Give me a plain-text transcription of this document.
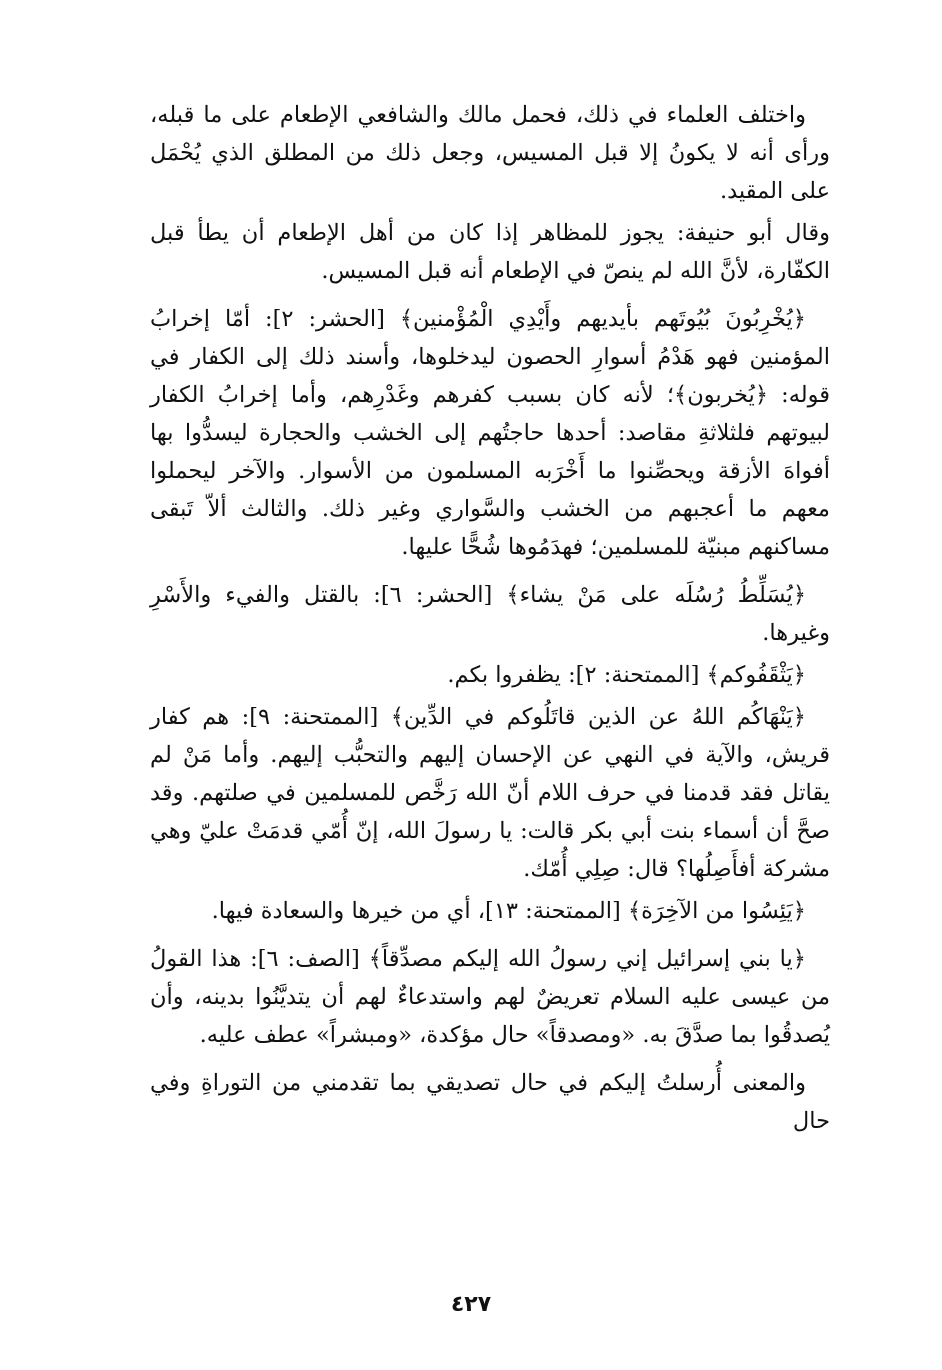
واختلف العلماء في ذلك، فحمل مالك والشافعي الإطعام على ما قبله، ورأى أنه لا يكونُ إلا قبل المسيس، وجعل ذلك من المطلق الذي يُحْمَل على المقيد.

وقال أبو حنيفة: يجوز للمظاهر إذا كان من أهل الإطعام أن يطأ قبل الكفّارة، لأنَّ الله لم ينصّ في الإطعام أنه قبل المسيس.

﴿يُخْرِبُونَ بُيُوتَهم بأيديهم وأَيْدِي الْمُؤْمنين﴾ [الحشر: ٢]: أمّا إخرابُ المؤمنين فهو هَدْمُ أسوارِ الحصون ليدخلوها، وأسند ذلك إلى الكفار في قوله: ﴿يُخربون﴾؛ لأنه كان بسبب كفرهم وغَدْرِهم، وأما إخرابُ الكفار لبيوتهم فلثلاثةِ مقاصد: أحدها حاجتُهم إلى الخشب والحجارة ليسدُّوا بها أفواهَ الأزقة ويحصِّنوا ما أَخْرَبه المسلمون من الأسوار. والآخر ليحملوا معهم ما أعجبهم من الخشب والسَّواري وغير ذلك. والثالث ألاّ تَبقى مساكنهم مبنيّة للمسلمين؛ فهدَمُوها شُحًّا عليها.

﴿يُسَلِّطُ رُسُلَه على مَنْ يشاء﴾ [الحشر: ٦]: بالقتل والفيء والأَسْرِ وغيرها.

﴿يَثْقَفُوكم﴾ [الممتحنة: ٢]: يظفروا بكم.

﴿يَنْهَاكُم اللهُ عن الذين قاتَلُوكم في الدِّين﴾ [الممتحنة: ٩]: هم كفار قريش، والآية في النهي عن الإحسان إليهم والتحبُّب إليهم. وأما مَنْ لم يقاتل فقد قدمنا في حرف اللام أنّ الله رَخَّص للمسلمين في صلتهم. وقد صحَّ أن أسماء بنت أبي بكر قالت: يا رسولَ الله، إنّ أُمّي قدمَتْ عليّ وهي مشركة أفأَصِلُها؟ قال: صِلِي أُمّك.

﴿يَئِسُوا من الآخِرَة﴾ [الممتحنة: ١٣]، أي من خيرها والسعادة فيها.

﴿يا بني إسرائيل إني رسولُ الله إليكم مصدِّقاً﴾ [الصف: ٦]: هذا القولُ من عيسى عليه السلام تعريضٌ لهم واستدعاءٌ لهم أن يتديَّنُوا بدينه، وأن يُصدقُوا بما صدَّقَ به. «ومصدقاً» حال مؤكدة، «ومبشراً» عطف عليه.

والمعنى أُرسلتُ إليكم في حال تصديقي بما تقدمني من التوراةِ وفي حال

٤٢٧
